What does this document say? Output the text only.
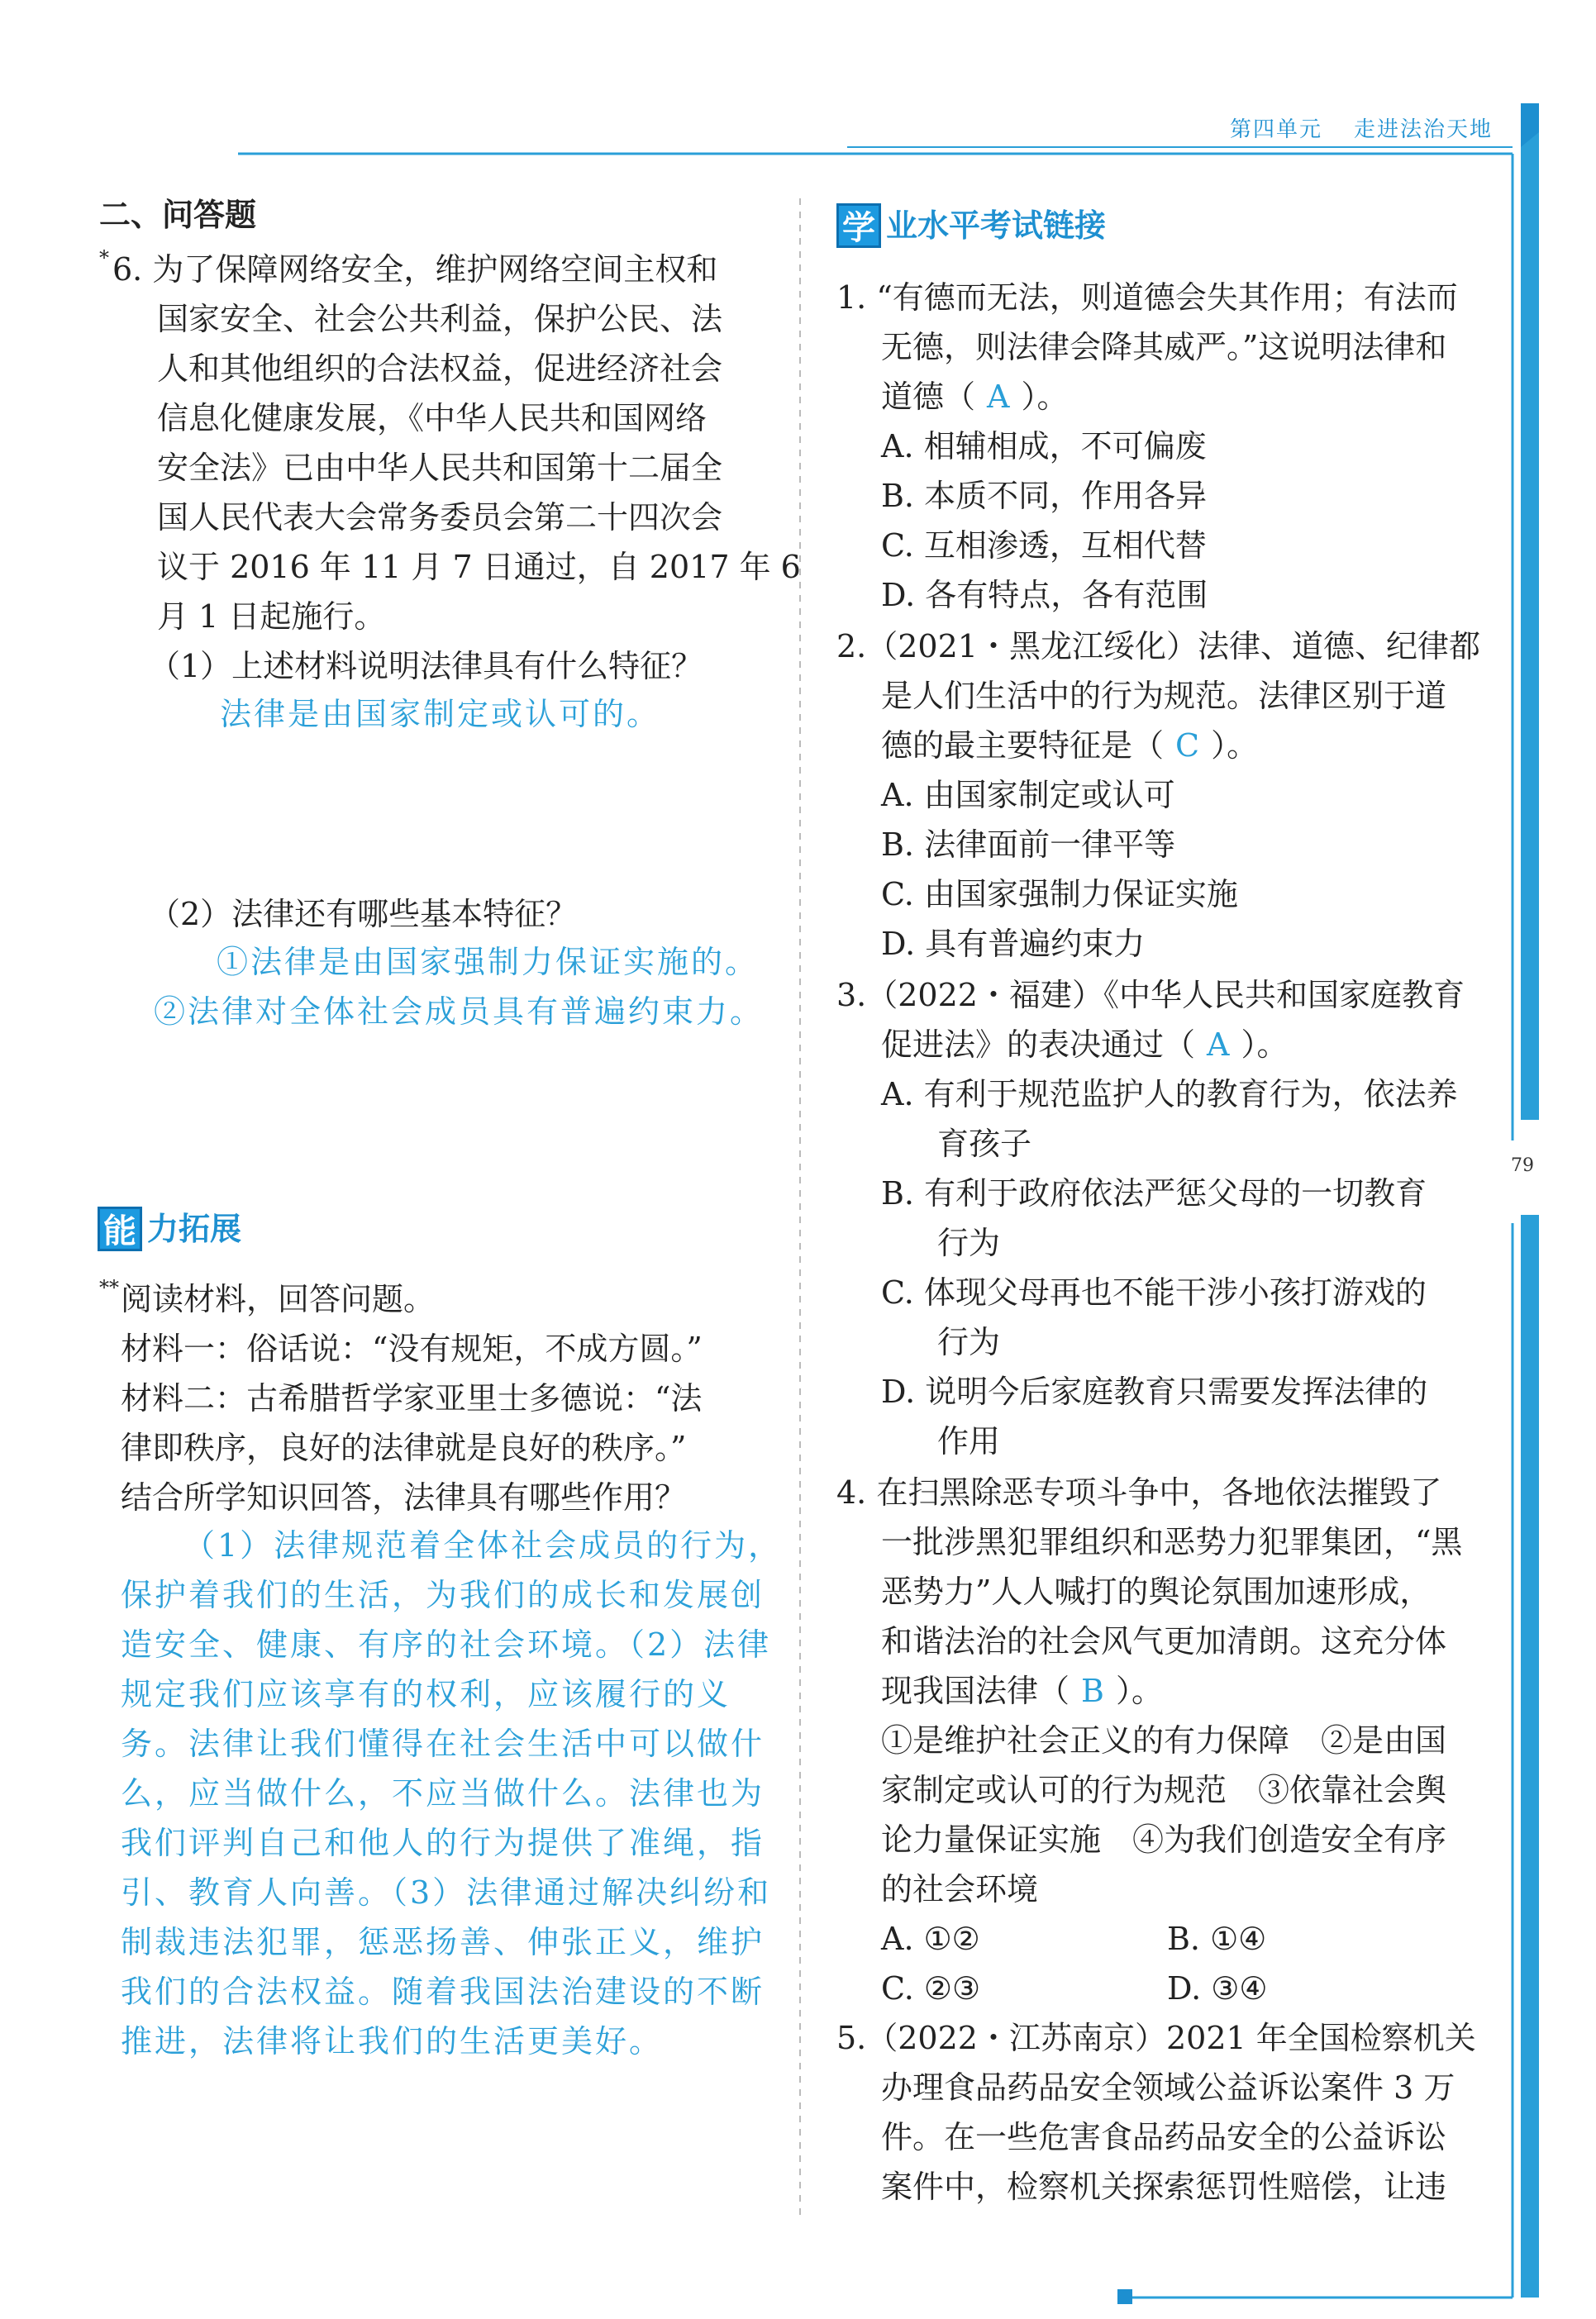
第四单元 走进法治天地
79
二、问答题
* 6. 为了保障网络安全，维护网络空间主权和
国家安全、社会公共利益，保护公民、法
人和其他组织的合法权益，促进经济社会
信息化健康发展，《中华人民共和国网络
安全法》已由中华人民共和国第十二届全
国人民代表大会常务委员会第二十四次会
议于 2016 年 11 月 7 日通过，自 2017 年 6
月 1 日起施行。
（1）上述材料说明法律具有什么特征？
法律是由国家制定或认可的。
（2）法律还有哪些基本特征？
①法律是由国家强制力保证实施的。
②法律对全体社会成员具有普遍约束力。
能 力拓展
** 阅读材料，回答问题。
材料一：俗话说：“没有规矩，不成方圆。”
材料二：古希腊哲学家亚里士多德说：“法
律即秩序，良好的法律就是良好的秩序。”
结合所学知识回答，法律具有哪些作用？
（1）法律规范着全体社会成员的行为，
保护着我们的生活，为我们的成长和发展创
造安全、健康、有序的社会环境。（2）法律
规定我们应该享有的权利，应该履行的义
务。法律让我们懂得在社会生活中可以做什
么，应当做什么，不应当做什么。法律也为
我们评判自己和他人的行为提供了准绳，指
引、教育人向善。（3）法律通过解决纠纷和
制裁违法犯罪，惩恶扬善、伸张正义，维护
我们的合法权益。随着我国法治建设的不断
推进，法律将让我们的生活更美好。
学 业水平考试链接
1. “有德而无法，则道德会失其作用；有法而
无德，则法律会降其威严。”这说明法律和
道德（ A ）。
A. 相辅相成，不可偏废
B. 本质不同，作用各异
C. 互相渗透，互相代替
D. 各有特点，各有范围
2.（2021・黑龙江绥化）法律、道德、纪律都
是人们生活中的行为规范。法律区别于道
德的最主要特征是（ C ）。
A. 由国家制定或认可
B. 法律面前一律平等
C. 由国家强制力保证实施
D. 具有普遍约束力
3.（2022・福建）《中华人民共和国家庭教育
促进法》的表决通过（ A ）。
A. 有利于规范监护人的教育行为，依法养
育孩子
B. 有利于政府依法严惩父母的一切教育
行为
C. 体现父母再也不能干涉小孩打游戏的
行为
D. 说明今后家庭教育只需要发挥法律的
作用
4. 在扫黑除恶专项斗争中，各地依法摧毁了
一批涉黑犯罪组织和恶势力犯罪集团，“黑
恶势力”人人喊打的舆论氛围加速形成，
和谐法治的社会风气更加清朗。这充分体
现我国法律（ B ）。
①是维护社会正义的有力保障　②是由国
家制定或认可的行为规范　③依靠社会舆
论力量保证实施　④为我们创造安全有序
的社会环境
A. ①②	B. ①④
C. ②③	D. ③④
5.（2022・江苏南京）2021 年全国检察机关
办理食品药品安全领域公益诉讼案件 3 万
件。在一些危害食品药品安全的公益诉讼
案件中，检察机关探索惩罚性赔偿，让违
